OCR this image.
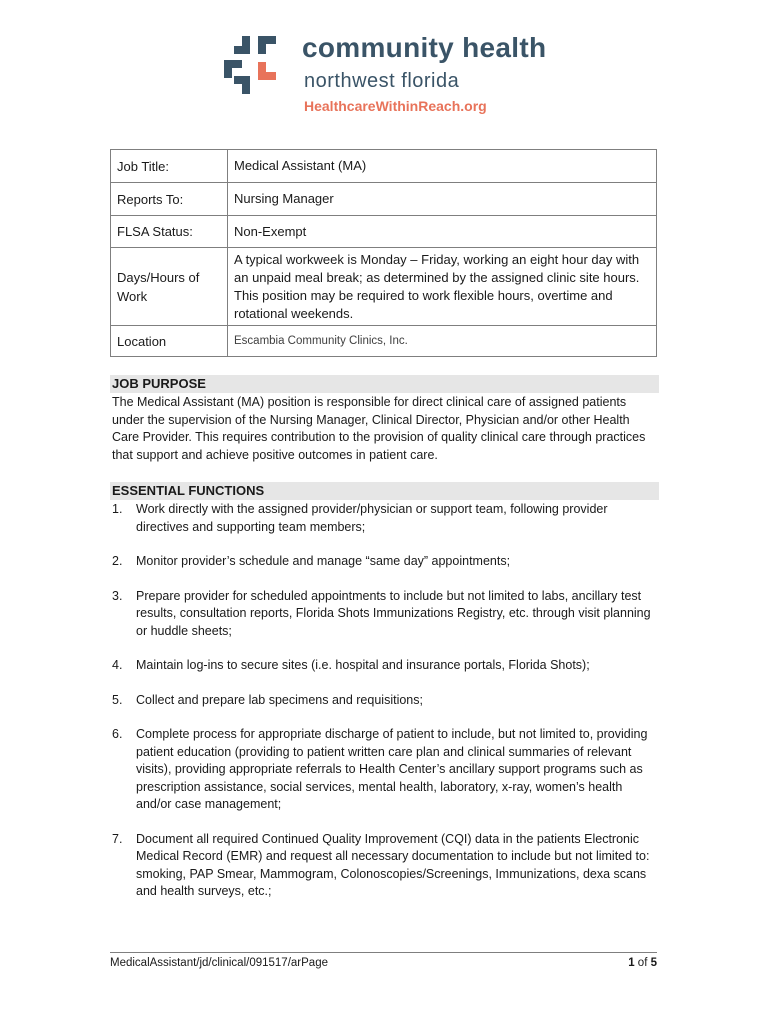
community health
northwest florida
HealthcareWithinReach.org
Job Title:	Medical Assistant (MA)
Reports To:	Nursing Manager
FLSA Status:	Non-Exempt
Days/Hours of Work	A typical workweek is Monday – Friday, working an eight hour day with an unpaid meal break; as determined by the assigned clinic site hours. This position may be required to work flexible hours, overtime and rotational weekends.
Location	Escambia Community Clinics, Inc.
JOB PURPOSE
The Medical Assistant (MA) position is responsible for direct clinical care of assigned patients under the supervision of the Nursing Manager, Clinical Director, Physician and/or other Health Care Provider. This requires contribution to the provision of quality clinical care through practices that support and achieve positive outcomes in patient care.
ESSENTIAL FUNCTIONS
1. Work directly with the assigned provider/physician or support team, following provider directives and supporting team members;
2. Monitor provider’s schedule and manage “same day” appointments;
3. Prepare provider for scheduled appointments to include but not limited to labs, ancillary test results, consultation reports, Florida Shots Immunizations Registry, etc. through visit planning or huddle sheets;
4. Maintain log-ins to secure sites (i.e. hospital and insurance portals, Florida Shots);
5. Collect and prepare lab specimens and requisitions;
6. Complete process for appropriate discharge of patient to include, but not limited to, providing patient education (providing to patient written care plan and clinical summaries of relevant visits), providing appropriate referrals to Health Center’s ancillary support programs such as prescription assistance, social services, mental health, laboratory, x-ray, women’s health and/or case management;
7. Document all required Continued Quality Improvement (CQI) data in the patients Electronic Medical Record (EMR) and request all necessary documentation to include but not limited to: smoking, PAP Smear, Mammogram, Colonoscopies/Screenings, Immunizations, dexa scans and health surveys, etc.;
MedicalAssistant/jd/clinical/091517/arPage	1 of 5
